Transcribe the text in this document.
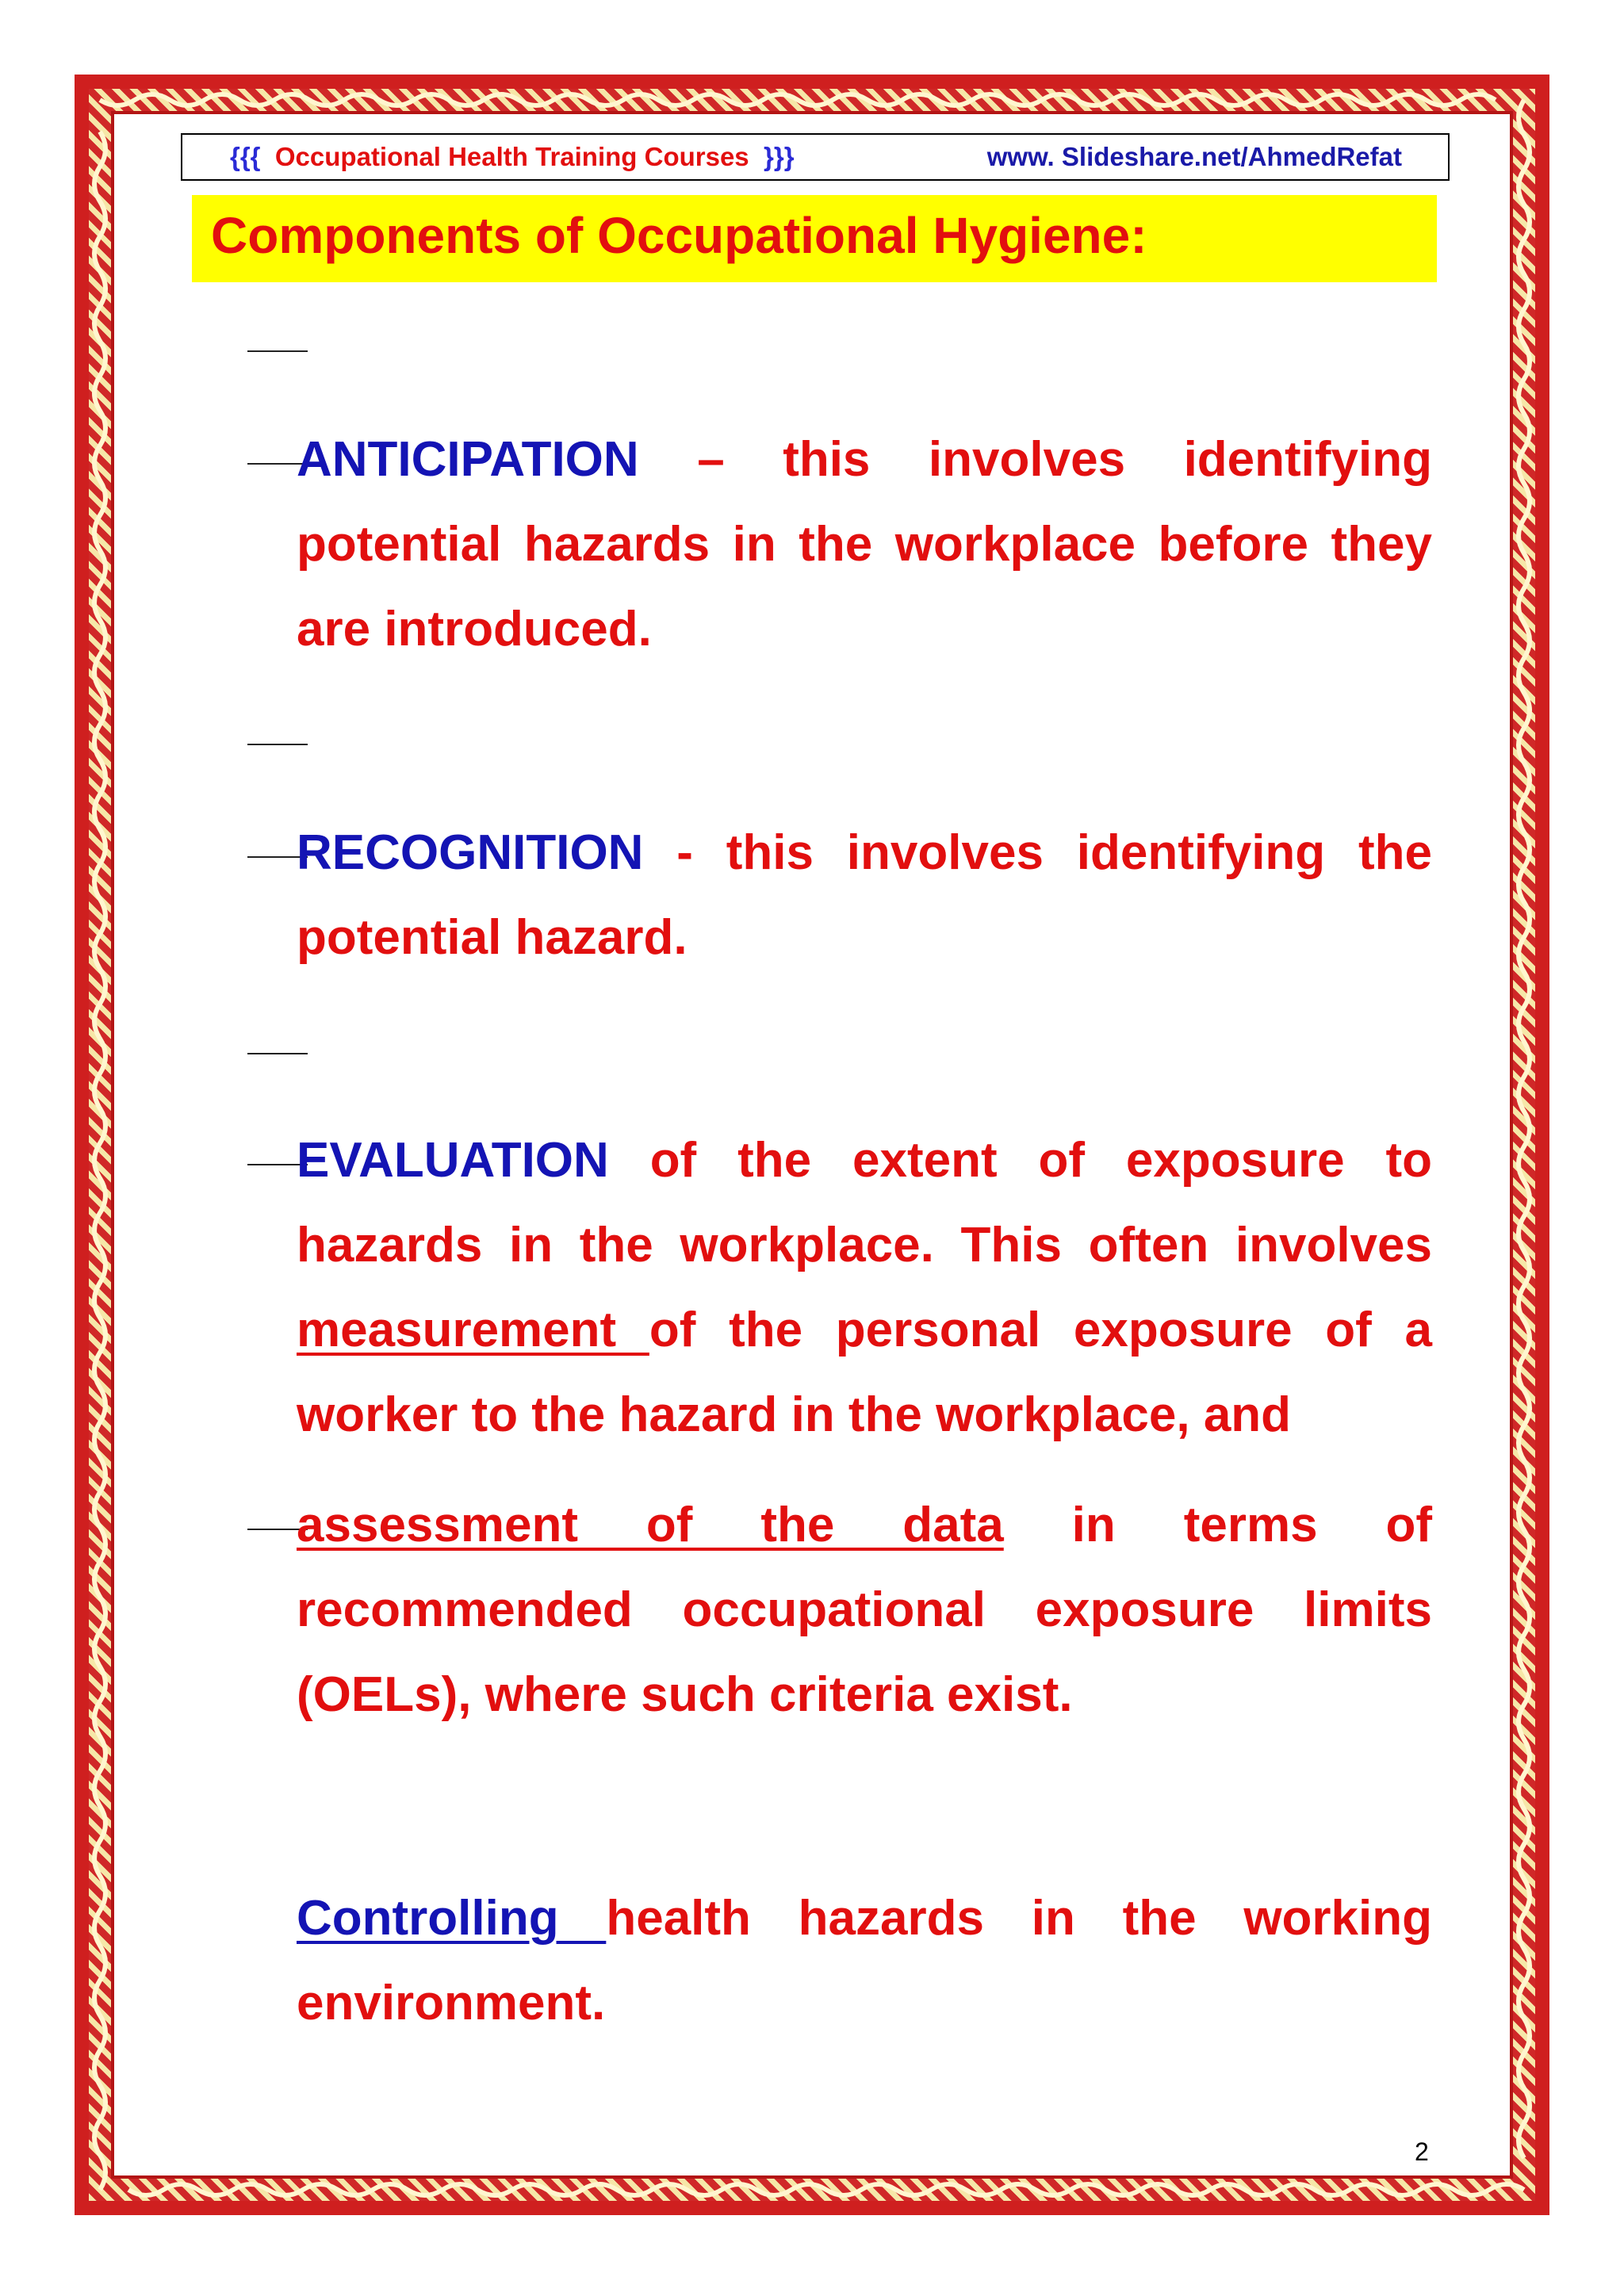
{{{ Occupational Health Training Courses }}}	www. Slideshare.net/AhmedRefat
Components of Occupational Hygiene:

ANTICIPATION – this involves identifying potential hazards in the workplace before they are introduced.

RECOGNITION - this involves identifying the potential hazard.

EVALUATION of the extent of exposure to hazards in the workplace. This often involves measurement of the personal exposure of a worker to the hazard in the workplace, and

assessment of the data in terms of recommended occupational exposure limits (OELs), where such criteria exist.

Controlling health hazards in the working environment.

2
